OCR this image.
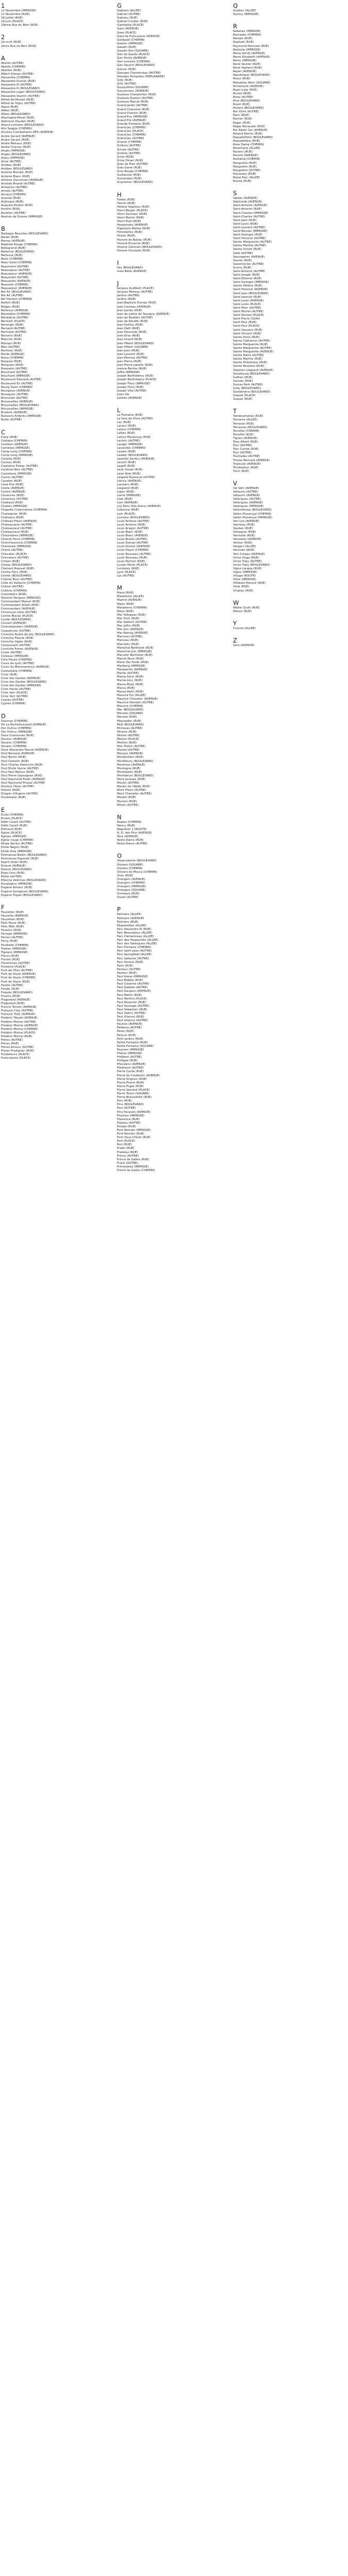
1
11 Novembre (IMPASSE)
11 Novembre (RUE)
18 Juillet (RUE)
18 Juin (PLACE)
19ème Rue du Bert (RUE)
2
2A mult (RUE)
2ème Rue du Bert (RUE)
A
Abeille (AUTRE)
Abeille (CHEMIN)
Abeilles (RUE)
Albert Glenau (AUTRE)
Alexandre (CHEMIN)
Alexandre Dumas (RUE)
Alexandre III (AUTRE)
Alexandre III (BOULEVARD)
Alexandre Leger (BOULEVARD)
Alexandre Vautrin (AUTRE)
Alfred de Musset (RUE)
Alfred de Vigny (AUTRE)
Algue (RUE)
Allées (RUE)
Allées (BOULEVARD)
Allemagne-Morel (RUE)
Alphonse Daudet (RUE)
Alsace Lorraine (BOULEVARD)
Ami Seggie (CHEMIN)
Anciens Combattants AFN (AVENUE)
André Gerard (AVENUE)
André Gerard (RUE)
André Malraux (RUE)
André Chénier (RUE)
Anges (IMPASSE)
Anges (BOULEVARD)
Anjou (IMPASSE)
Anne (AUTRE)
Antibes (RUE)
Antibes (BOULEVARD)
Antoine Blondin (RUE)
Antoine Blanc (RUE)
Antoine Giacomoni (AVENUE)
Aristide Briand (AUTRE)
Arlequins (AUTRE)
Armée (AUTRE)
Arnaud (CHEMIN)
Arsenal (RUE)
Aubisque (RUE)
Auguste Pardon (RUE)
Aurélie (RUE)
Aurélien (AUTRE)
Avenue de Grasse (IMPASSE)
B
Barbagio Beaulieu (BOULEVARD)
Barlet (RUE)
Barras (AVENUE)
Baptiste Rouge (CHEMIN)
Bellegrand (RUE)
Bellerive (BOULEVARD)
Bellevue (RUE)
Belot (CHEMIN)
Beau Soleil (CHEMIN)
Beaumont (AUTRE)
Beausejour (AUTRE)
Beausejour (AVENUE)
Beausoleil (AUTRE)
Beausoleil (AVENUE)
Beausite (CHEMIN)
Beauséjour (AVENUE)
Bel Air (BOULEVARD)
Bel Air (AUTRE)
Bel Horizon (CHEMIN)
Belfort (RUE)
Belges (RUE)
Bellevue (AVENUE)
Belvédère (CHEMIN)
Bénédicte (AUTRE)
Bénézet (PLACE)
Bérenger (RUE)
Bernard (AUTRE)
Bertrand (AUTRE)
Biscarra (RUE)
Blanche (RUE)
Blanqui (RUE)
Blés (AUTRE)
Bonheur (RUE)
Borde (AVENUE)
Bosio (CHEMIN)
Bosquet (RUE)
Bosquets (RUE)
Bosquets (AUTRE)
Bouchard (AUTRE)
Bouchard (IMPASSE)
Boulevard Edouard (AUTRE)
Boulevard Ex (AUTRE)
Bourg Saint (CHEMIN)
Bourgeois (AVENUE)
Bousquier (AUTRE)
Brancolar (AUTRE)
Broussailles (AVENUE)
Broussailles (BOULEVARD)
Broussailles (IMPASSE)
Brulerie (AVENUE)
Buissons Ardents (IMPASSE)
Butte (AUTRE)
C
Caire (RUE)
Caldana (CHEMIN)
Cambon (AVENUE)
Camélias (IMPASSE)
Camp Long (CHEMIN)
Camp Long (IMPASSE)
Canada (RUE)
Cannes (RUE)
Capitaine Ferber (AUTRE)
Cardinal Nice (AUTRE)
Castellane (IMPASSE)
Castro (AUTRE)
Cavalier (RUE)
Cavé Frie (RUE)
Cèdre (AVENUE)
Centre (AVENUE)
Cévennes (RUE)
Cévennes (AUTRE)
Chabaud (RUE)
Chalets (IMPASSE)
Chapelle Cistercienne (CHEMIN)
Chataignier (RUE)
Châteaux (RUE)
Château-Fleuri (AVENUE)
Chateauneuf (AUTRE)
Chateauneuf (AUTRE)
Chateauneuf (RUE)
Chaumières (IMPASSE)
Chemin Ferre (CHEMIN)
Cherchiesscine (CHEMIN)
Chêneraie (IMPASSE)
Chêne (AUTRE)
Chevalier (PLACE)
Chevaliers (AUTRE)
Cimiez (RUE)
Cimiez (BOULEVARD)
Clément Roassal (RUE)
Cloche Fons (RUE)
Comte (BOULEVARD)
Colonel Brun (AUTRE)
Colle du Vallauris (CHEMIN)
Colline (AUTRE)
Collines (CHEMIN)
Colombiers (RUE)
Général Yenquez (IMPASSE)
Commandant Marcel (RUE)
Commandant André (RUE)
Commandant (AVENUE)
Commune Libre (AUTRE)
Comte Blacas (PLACE)
Conde (BOULEVARD)
Conseil (AVENUE)
Contrebandiers (AVENUE)
Coquelicots (AUTRE)
Corniche André de Joly (BOULEVARD)
Corniche Fleurie (RUE)
Corniche Ogéle (RUE)
Cossonnant (AUTRE)
Corniche Frères (AVENUE)
Coste (AUTRE)
Coteaux (IMPASSE)
Côte Haute (CHEMIN)
Cours de Lyon (AUTRE)
Cours du Montmorency (AVENUE)
Crémaillère (CHEMIN)
Croix (RUE)
Croix des Gardes (AVENUE)
Croix des Gardes (BOULEVARD)
Croix des Gardes (IMPASSE)
Croix Haute (AUTRE)
Croix Vert (PLACE)
Croix Vert (AUTRE)
Cyprès (AUTRE)
Cyprès (CHEMIN)
D
Daumas (CHEMIN)
De La Rochefoucauld (AVENUE)
Der Oufrus (CHEMIN)
Der Oufrus (IMPASSE)
Deux Couronnes (RUE)
Devanc (AVENUE)
Devanc (CHEMIN)
Devanc (CHEMIN)
Dock Alexandre Pascal (AVENUE)
Docl Bernard (AVENUE)
Docl Bertin (RUE)
Docl Célestin (RUE)
Docl Charles Delacroix (RUE)
Docl Emile Vesne (AUTRE)
Docl Paul Baloux (RUE)
Docl Pierre Gassognes (RUE)
Docl Raymond Fiolet (AVENUE)
Docl Raymond Picaud (AUTRE)
Docteur Heiss (AUTRE)
Dolomi (RUE)
Dragon d'Argens (AUTRE)
Dunkerque (RUE)
E
Ecole (CHEMIN)
Ecoles (PLACE)
Edith Cavell (AUTRE)
Edith Cavell (RUE)
Edmond (RUE)
Eglise (PLACE)
Eglises (IMPASSE)
Eglise rouge (CHEMIN)
Elisée Reclus (AUTRE)
Emile Négrin (RUE)
Emile Zola (IMPASSE)
Emmanuel Bellini (BOULEVARD)
Emmanuel Signoret (RUE)
Esprit Violet (RUE)
Esterel (AVENUE)
Esterel (BOULEVARD)
Etats Unis (RUE)
Etoile (AUTRE)
Etienne Vedrines (BOULEVARD)
Eucalyptus (IMPASSE)
Eugène Rimeur (RUE)
Eugène Gariganos (BOULEVARD)
Eugène Trigad (BOULEVARD)
F
Faucellier (RUE)
Fauvette (AVENUE)
Fauvettes (RUE)
Félix Faure (RUE)
Félix Pâté (RUE)
Fénelon (RUE)
Ferrage (IMPASSE)
Ferrari (AUTRE)
Fersy (RUE)
Feuillade (CHEMIN)
Filaires (IMPASSE)
Figuiers (IMPASSE)
Fleurs (RUE)
Florian (RUE)
Florentines (AUTRE)
Fontaine (PLACE)
Font de l'Eau (AUTRE)
Font de Voyre (AVENUE)
Font de Voyre (CHEMIN)
Font de Voyre (RUE)
Fondis (AUTRE)
Fondis (RUE)
Foreste (BOULEVARD)
Fouchy (RUE)
Fragonard (AVENUE)
Fragonard (RUE)
Francis Tonner (AVENUE)
François Coty (AUTRE)
François Tully (AVENUE)
Frédéric Touzet (AVENUE)
Frédéric Mistral (AUTRE)
Frédéric Mistral (AVENUE)
Frédéric Mistral (CHEMIN)
Frédéric Mistral (PLACE)
Frédéric Mistral (RUE)
Frères (AUTRE)
Frères (RUE)
Frères Arnoux (AUTRE)
Frères Pradignac (RUE)
Fondateurs (PLACE)
Funiculaires (PLACE)
G
Gabians (ALLEE)
Gabriel (AUTRE)
Gabrieu (RUE)
Gabriel Cordier (RUE)
Gambetta (PLACE)
Gare (AVENUE)
Gare (PLACE)
Gare de Funicularie (AVENUE)
Garibaldi (CHEMIN)
Gaston (IMPASSE)
Gaudin (RUE)
Gaudin Ans (SQUARE)
Gén de Gaulle (PLACE)
Gén Ferrié (AVENUE)
Gén Lemaire (CHEMIN)
Gén Vautrin (BOULEVARD)
Génois (RUE)
Georges Clemenceau (AUTRE)
Georges Pompidou (ESPLANADE)
Gilly (RUE)
Gilly (AUTRE)
Gouquillère (SQUARE)
Gouverneur (AVENUE)
Gustave Charpentier (RUE)
Gustave Dupont (AUTRE)
Gustave Marcel (RUE)
Grand Jardin (AUTRE)
Grand Chanoine (RUE)
Grand Chemin (RUE)
Grand Puy (IMPASSE)
Grand Pré (AVENUE)
Grande Fontaine (RUE)
Grand Jeu (CHEMIN)
Grand Jeu (PLACE)
Grand Jeu (CHEMIN)
Grand Jeu (AUTRE)
Grasse (CHEMIN)
Grillons (AUTRE)
Grivèe (AUTRE)
Grottes (AUTRE)
Grive (RUE)
Grise Dinair (RUE)
Grès de Plan (AUTRE)
Grès Garre (RUE)
Gros Rouge (CHEMIN)
Guillaume (RUE)
Guirandais (RUE)
Guynemer (BOULEVARD)
H
Halles (RUE)
Henriz (RUE)
Hélène Vagliano (RUE)
Henri Berger (PLACE)
Henri Germain (RUE)
Henri Martin (RUE)
Henri Ruel (RUE)
Hesperides (AVENUE)
Hippolyte Maltez (RUE)
Hirondelles (RUE)
Hoche (RUE)
Honoré de Balzac (RUE)
Honoré Escarras (RUE)
Honoré Gionnain (BOULEVARD)
Honoré Goudalla (RUE)
I
Iles (BOULEVARD)
Isola Bella (AVENUE)
J
Jacques Audibert (PLACE)
Jacques Moreau (AUTRE)
Jardins (AUTRE)
Jardins (RUE)
Jean Baptiste Dumas (RUE)
Jean Cocteau (AVENUE)
Jean Jaurès (RUE)
Jean de Lattre de Tassigny (AVENUE)
Jean de Noailles (AUTRE)
Jean de Riouffe (RUE)
Jean Dollfus (RUE)
Jean Haïti (RUE)
Jean Dessuide (RUE)
Jean Gras (RUE)
Jean Isnard (RUE)
Jean Hibert (BOULEVARD)
Jean Hibert (SQUARE)
Jean Jean (RUE)
Jean Laurent (RUE)
Jean Monnet (AUTRE)
Jean Pierre (RUE)
Jean Pierre Lebelle (RUE)
Jeanne Berthe (RUE)
Joffre (IMPASSE)
Joseph Barthélémy (RUE)
Joseph Barthélémy (PLACE)
Joseph Flory (IMPASSE)
Joseph Flory (RUE)
Joseph Ville (AUTRE)
Jules Vie
Juliette (AVENUE)
L
La Fontaine (RUE)
La Voie de Vivre (AUTRE)
Lac (RUE)
Lacour (RUE)
Latour (CHEMIN)
Lattes (RUE)
Latour Maubourg (RUE)
Leclerc (AUTRE)
Lauger (IMPASSE)
Lavandes (CHEMIN)
Lazare (RUE)
Leader (BOULEVARD)
Léandre Sardou (AVENUE)
Leconf (RUE)
Legoff (RUE)
Léon Gouet (RUE)
Léon Noel (RUE)
Léopold Buenoud (AUTRE)
Librica (AVENUE)
Lieutans (RUE)
Liégeard (RUE)
Ligier (RUE)
Lierre (IMPASSE)
Lilas (RUE)
Lion (AVENUE)
Lily Pons Villa Arène (AVENUE)
Lizbonne (RUE)
Loin (PLACE)
Lorraine (BOULEVARD)
Louis Antoine (AUTRE)
Louis Antoine (RUE)
Louis Aragon (AUTRE)
Louis Blanc (RUE)
Louis Blanc (AVENUE)
Louis Braille (AUTRE)
Louis Gomez (AUTRE)
Louis Grosso (AVENUE)
Louis Hayet (CHEMIN)
Louis Nouveau (AUTRE)
Louis Nouveau (RUE)
Louis Perrisol (RUE)
Lucien Morel (PLACE)
Lumières (RUE)
Lyce (PLACE)
Lys (AUTRE)
M
Macé (RUE)
Madeleine (ALLEE)
Madrid (AVENUE)
Maire (RUE)
Maladrerie (CHEMIN)
Mans (RUE)
Mar Fallegeas (RUE)
Mar Foch (RUE)
Mar Gallieni (AUTRE)
Mar Joffre (RUE)
Mar Juin (AVENUE)
Mar Koenig (AVENUE)
Marceau (AUTRE)
Marceau (RUE)
Marcellin (RUE)
Marechal Berthelot (RUE)
Maréchal Juin (IMPASSE)
Marcelin Berthelot (RUE)
Marcel Roux (RUE)
Marie Del Farde (RUE)
Marlborg (IMPASSE)
Marguerite (AVENUE)
Marne (AUTRE)
Mame-Sorin (RUE)
Marne-Jonc (RUE)
Marsa Mosh (RUE)
Marsa (RUE)
Marya-Vetth (RUE)
Maurice Fur (ALLEE)
Maurice Chevalier (AVENUE)
Maurice Dambet (AUTRE)
Maurice (CHEMIN)
Mer (BOULEVARD)
Merrele (SQUARE)
Merrele (RUE)
Meynadier (RUE)
Midi (BOULEVARD)
Mimosas (AUTRE)
Miracle (RUE)
Mistral (AUTRE)
Mistral (PLACE)
Molière (RUE)
Mon Plaisir (AUTRE)
Monod (AUTRE)
Monaco (AVENUE)
Montbrillant (RUE)
Montfleury (BOULEVARD)
Montrose (AVENUE)
Montagne (RUE)
Montebello (RUE)
Montebrun (BOULEVARD)
Mont Jacques (RUE)
Moulin (AUTRE)
Moulin de l'Abbé (RUE)
Mont Fleuri (AUTRE)
Mont Chevalier (AUTRE)
Mozart (RUE)
Muriers (RUE)
Mûres (AUTRE)
N
Naples (CHEMIN)
Nancy (RUE)
Napoléon 1 (ROUTE)
N.-D. des Pins (AVENUE)
Nice (AVENUE)
Notre-Dame (RUE)
Notre-Dame (AUTRE)
O
Observatoire (BOULEVARD)
Oliviers (SQUARE)
Oliviers (CHEMIN)
Oliviers de Mocca (CHEMIN)
Oran (RUE)
Orangers (AVENUE)
Orangers (CHEMIN)
Orangers (IMPASSE)
Orangers (SQUARE)
Ormeaux (RUE)
Ouest (AUTRE)
P
Palmiers (ALLEE)
Palmiers (AVENUE)
Palmiers (RUE)
Pâquerettes (ALLEE)
Parc Alexandre III (RUE)
Parc Beauséjour (ALLEE)
Parc Clemenceau (ALLEE)
Parc des Hesperides (ALLEE)
Parc des Vallergues (ALLEE)
Parc Fontaine (CHEMIN)
Parc Saint-Jean (AUTRE)
Parc Springfield (ALLEE)
Parc Vallauris (AUTRE)
Parc Vérane (RUE)
Paris (RUE)
Pasteur (AUTRE)
Pasteur (RUE)
Paul Arène (IMPASSE)
Paul Babble (RUE)
Paul Cézanne (AUTRE)
Paul Gabelle (AUTRE)
Paul Gauguin (AVENUE)
Paul Merlin (RUE)
Paul Merlino (PLACE)
Paul Nasemer (RUE)
Paul Sauvage (AUTRE)
Paul Sébastien (RUE)
Paul Valéry (AUTRE)
Paul Vilamut (RUE)
Paul Vilamut (AUTRE)
Pauline (AVENUE)
Pelléens (AUTRE)
Pères (RUE)
Pertuis (RUE)
Petit Jardins (RUE)
Petite Fontaine (RUE)
Petite Fontaine (SQUARE)
Peymen (IMPASSE)
Phénix (IMPASSE)
Philibert (AUTRE)
Philippe (RUE)
Phocéens (AVENUE)
Piedmont (AUTRE)
Pierre Cardo (RUE)
Pierre de Coubertin (AVENUE)
Pierre Grignon (RUE)
Pierre Poivre (RUE)
Pierre Puget (RUE)
Pierre Sémard (PLACE)
Pierre Tenor (SQUARE)
Pierre Brossolette (RUE)
Pins (RUE)
Pins (BOULEVARD)
Pins (AUTRE)
Pins Parasols (AVENUE)
Pivoines (IMPASSE)
Plaisance (RUE)
Plateau (AUTRE)
Pompe (RUE)
Pont Romain (IMPASSE)
Pont Romain (RUE)
Pont Sous-Chêne (RUE)
Port (PLACE)
Port (RUE)
Prado (RUE)
Pradeau (RUE)
Prince (AUTRE)
Prince de Galles (RUE)
Priest (AUTRE)
Primevères (IMPASSE)
Prince de Galles (CHEMIN)
Q
Québec (ALLEE)
Quincy (IMPASSE)
R
Rabelais (IMPASSE)
Ramades (CHEMIN)
Rampe (RUE)
Raphaël (RUE)
Raymond Poincaré (RUE)
Redoute (IMPASSE)
Reine Astrid (AVENUE)
Reine Elisabeth (AVENUE)
Reine (IMPASSE)
René Vautier (RUE)
René Vigliano (RUE)
Reper (AVENUE)
République (BOULEVARD)
Riaux (RUE)
Rebuelles Allen (SQUARE)
Richemont (AVENUE)
Riant Lully (RUE)
Ricord (RUE)
Rimo (AUTRE)
Rive (BOULEVARD)
Rivoli (RUE)
Riviera (BOULEVARD)
Roc Doré (AUTRE)
Roch (RUE)
Rocher (RUE)
Roger (RUE)
Roger Renaudie (RUE)
Roi Albert 1er (AVENUE)
Roland Garros (RUE)
Roquebillière (BOULEVARD)
Roquebillère (RUE)
Rose Dame (CHEMIN)
Rosemarie (ALLEE)
Rosiers (RUE)
Rossini (AVENUE)
Rostaing (CHEMIN)
Rouguière (RUE)
Rouguière (RUE)
Rouguière (AUTRE)
Rousseau (RUE)
Royal Parc (ALLEE)
Russie (RUE)
S
Sablas (AVENUE)
Sablonide (AVENUE)
Saint-Antoine (AVENUE)
Saint-Antoine (RUE)
Saint-Cassien (IMPASSE)
Saint-Charles (AUTRE)
Saint Jean (RUE)
Saint-Louis (RUE)
Saint-Laurent (AUTRE)
Saint-Nicolas (IMPASSE)
Saint Georges (RUE)
Saint Honorat (AUTRE)
Sainte Marguerite (AUTRE)
Sainte Marthe (AUTRE)
Sainte Ursule (RUE)
Salle (AUTRE)
Sauvagères (AVENUE)
Savoie (RUE)
Savonneries (AUTRE)
Scurry (RUE)
Saint-Antoine (AUTRE)
Saint Joseph (RUE)
Saint-Etienne (RUE)
Saint Georges (IMPASSE)
Sainte Hélène (RUE)
Saint Honorat (AVENUE)
Saint Jean (BOULEVARD)
Saint Jeannet (RUE)
Saint Louis (AVENUE)
Saint Louis (PLACE)
Saint Marc (AUTRE)
Saint Michel (AUTRE)
Saint Nicolas (PLACE)
Saint Pierre (QUAI)
Saint Paul (RUE)
Saint Paul (PLACE)
Saint Sauveur (RUE)
Saint Vincent (RUE)
Sainte Anne (RUE)
Sainte Catherine (AUTRE)
Sainte Marguerite (RUE)
Sainte Marguerite (AUTRE)
Sainte Marguerite (AVENUE)
Sainte Marie (AUTRE)
Sainte Marthe (RUE)
Sainte Philomène (RUE)
Sainte Roseline (RUE)
Stéphen Liégeard (AVENUE)
Strasbourg (BOULEVARD)
Suffren (RUE)
Suisses (RUE)
Sumas Park (AUTRE)
Sully (BOULEVARD)
Surdamène (BOULEVARD)
Suquet (PLACE)
Suquet (RUE)
T
Tamboumeires (RUE)
Tassares (ALLEE)
Terrasse (RUE)
Terrasses (BOULEVARD)
Terrefial (CHEMIN)
Terrefial (RUE)
Tignes (AVENUE)
Tony Allard (RUE)
Tour (AUTRE)
Tour Carrée (RUE)
Tour (AUTRE)
Tourrades (AUTRE)
Tristan Bernard (AVENUE)
Tropicale (AVENUE)
Troubadour (RUE)
Turin (RUE)
V
Val Vert (AVENUE)
Vallauris (AUTRE)
Vallauris (AVENUE)
Vallergues (AUTRE)
Vallergues (AVENUE)
Vallergues (IMPASSE)
Vallombrosa (BOULEVARD)
Vallon Provençal (CHEMIN)
Vallon Provençal (IMPASSE)
Van Loo (AVENUE)
Vanneau (RUE)
Vauban (RUE)
Vellaques (RUE)
Venisolle (RUE)
Venizelos (AVENUE)
Verdun (RUE)
Vergers (ALLEE)
Vermeer (RUE)
Vert Coteau (AVENUE)
Victor Hugo (RUE)
Victor Tuby (AUTRE)
Victor Tuby (BOULEVARD)
Vigne Longue (RUE)
Vigies (IMPASSE)
Village (ROUTE)
Villas (IMPASSE)
Villebois Mareuil (RUE)
Viola (RUE)
Vingtau (RUE)
W
Walter Scott (RUE)
Wilson (RUE)
Y
Yvonne (ALLEE)
Z
Zéro (AVENUE)
